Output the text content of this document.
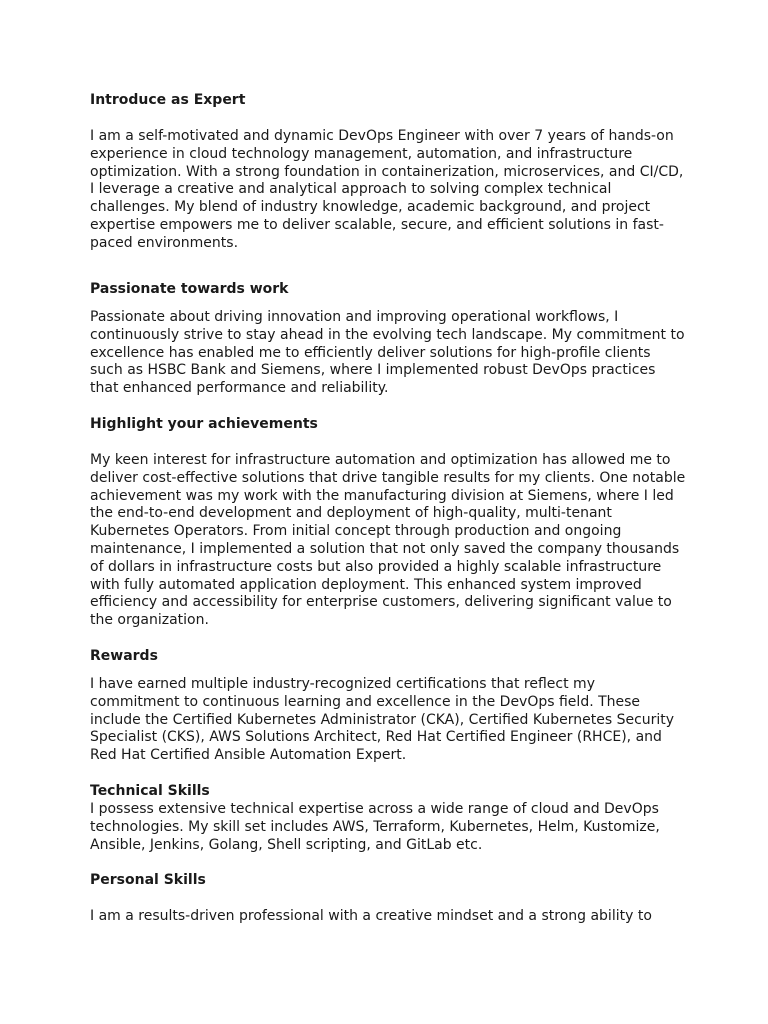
Introduce as Expert

I am a self-motivated and dynamic DevOps Engineer with over 7 years of hands-on
experience in cloud technology management, automation, and infrastructure
optimization. With a strong foundation in containerization, microservices, and CI/CD,
I leverage a creative and analytical approach to solving complex technical
challenges. My blend of industry knowledge, academic background, and project
expertise empowers me to deliver scalable, secure, and efficient solutions in fast-
paced environments.

Passionate towards work

Passionate about driving innovation and improving operational workflows, I
continuously strive to stay ahead in the evolving tech landscape. My commitment to
excellence has enabled me to efficiently deliver solutions for high-profile clients
such as HSBC Bank and Siemens, where I implemented robust DevOps practices
that enhanced performance and reliability.

Highlight your achievements

My keen interest for infrastructure automation and optimization has allowed me to
deliver cost-effective solutions that drive tangible results for my clients. One notable
achievement was my work with the manufacturing division at Siemens, where I led
the end-to-end development and deployment of high-quality, multi-tenant
Kubernetes Operators. From initial concept through production and ongoing
maintenance, I implemented a solution that not only saved the company thousands
of dollars in infrastructure costs but also provided a highly scalable infrastructure
with fully automated application deployment. This enhanced system improved
efficiency and accessibility for enterprise customers, delivering significant value to
the organization.

Rewards

I have earned multiple industry-recognized certifications that reflect my
commitment to continuous learning and excellence in the DevOps field. These
include the Certified Kubernetes Administrator (CKA), Certified Kubernetes Security
Specialist (CKS), AWS Solutions Architect, Red Hat Certified Engineer (RHCE), and
Red Hat Certified Ansible Automation Expert.

Technical Skills

I possess extensive technical expertise across a wide range of cloud and DevOps
technologies. My skill set includes AWS, Terraform, Kubernetes, Helm, Kustomize,
Ansible, Jenkins, Golang, Shell scripting, and GitLab etc.

Personal Skills

I am a results-driven professional with a creative mindset and a strong ability to
